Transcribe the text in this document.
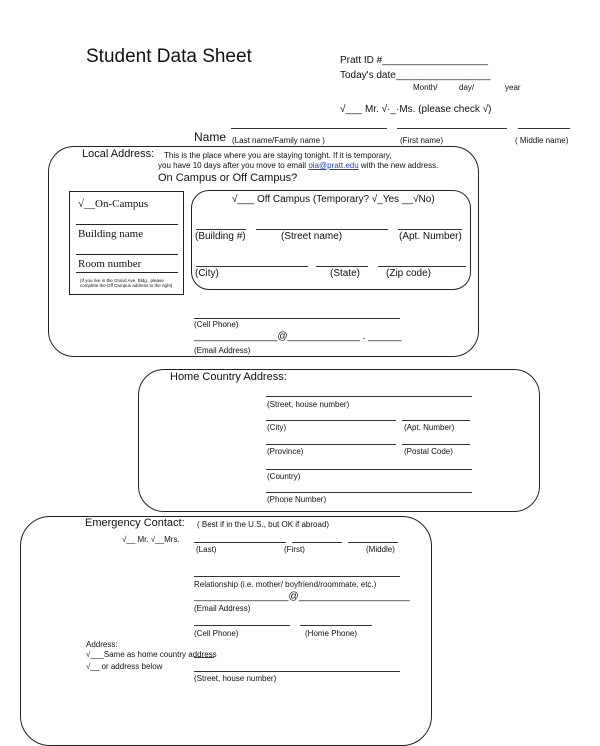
Student Data Sheet	Pratt ID #___________________
Today's date_________________
Month/	day/	year
√___ Mr. √·_·Ms. (please check √)
Name (Last name/Family name )	(First name)	( Middle name)
Local Address: This is the place where you are staying tonight. If it is temporary,
you have 10 days after you move to email oia@pratt.edu with the new address.
On Campus or Off Campus?
√__On-Campus
Building name
Room number
(If you live in the Grand Ave. Bldg., please complete the Off Campus address to the right)
√___ Off Campus (Temporary? √_Yes __√No)
(Building #)	(Street name)	(Apt. Number)
(City)	(State)	(Zip code)
(Cell Phone)
_______________@_____________ . ______
(Email Address)
Home Country Address:
(Street, house number)
(City)	(Apt. Number)
(Province)	(Postal Code)
(Country)
(Phone Number)
Emergency Contact: ( Best if in the U.S., but OK if abroad)
√__ Mr. √__Mrs.
(Last)	(First)	(Middle)
Relationship (i.e. mother/ boyfriend/roommate, etc.)
_________________@____________________
(Email Address)
(Cell Phone)	(Home Phone)
Address:
√___Same as home country address
√__ or address below
(Street, house number)
